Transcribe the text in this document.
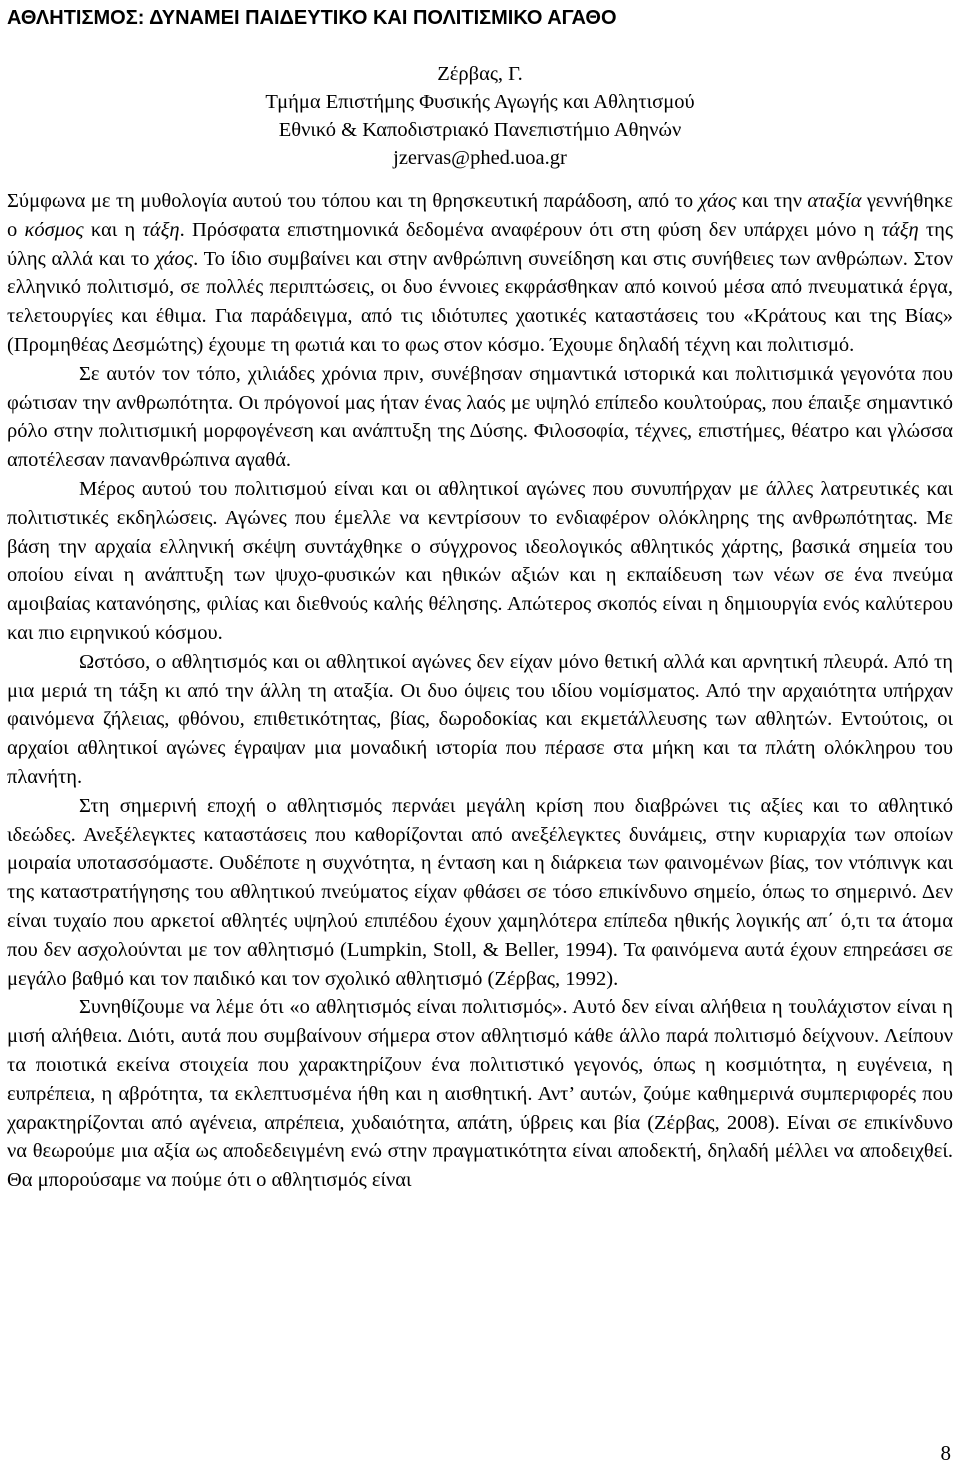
ΑΘΛΗΤΙΣΜΟΣ: ΔΥΝΑΜΕΙ ΠΑΙΔΕΥΤΙΚΟ ΚΑΙ ΠΟΛΙΤΙΣΜΙΚΟ ΑΓΑΘΟ
Ζέρβας, Γ.
Τμήμα Επιστήμης Φυσικής Αγωγής και Αθλητισμού
Εθνικό & Καποδιστριακό Πανεπιστήμιο Αθηνών
jzervas@phed.uoa.gr

Σύμφωνα με τη μυθολογία αυτού του τόπου και τη θρησκευτική παράδοση, από το χάος και την αταξία γεννήθηκε ο κόσμος και η τάξη. Πρόσφατα επιστημονικά δεδομένα αναφέρουν ότι στη φύση δεν υπάρχει μόνο η τάξη της ύλης αλλά και το χάος. Το ίδιο συμβαίνει και στην ανθρώπινη συνείδηση και στις συνήθειες των ανθρώπων. Στον ελληνικό πολιτισμό, σε πολλές περιπτώσεις, οι δυο έννοιες εκφράσθηκαν από κοινού μέσα από πνευματικά έργα, τελετουργίες και έθιμα. Για παράδειγμα, από τις ιδιότυπες χαοτικές καταστάσεις του «Κράτους και της Βίας» (Προμηθέας Δεσμώτης) έχουμε τη φωτιά και το φως στον κόσμο. Έχουμε δηλαδή τέχνη και πολιτισμό.

Σε αυτόν τον τόπο, χιλιάδες χρόνια πριν, συνέβησαν σημαντικά ιστορικά και πολιτισμικά γεγονότα που φώτισαν την ανθρωπότητα. Οι πρόγονοί μας ήταν ένας λαός με υψηλό επίπεδο κουλτούρας, που έπαιξε σημαντικό ρόλο στην πολιτισμική μορφογένεση και ανάπτυξη της Δύσης. Φιλοσοφία, τέχνες, επιστήμες, θέατρο και γλώσσα αποτέλεσαν πανανθρώπινα αγαθά.

Μέρος αυτού του πολιτισμού είναι και οι αθλητικοί αγώνες που συνυπήρχαν με άλλες λατρευτικές και πολιτιστικές εκδηλώσεις. Αγώνες που έμελλε να κεντρίσουν το ενδιαφέρον ολόκληρης της ανθρωπότητας. Με βάση την αρχαία ελληνική σκέψη συντάχθηκε ο σύγχρονος ιδεολογικός αθλητικός χάρτης, βασικά σημεία του οποίου είναι η ανάπτυξη των ψυχο-φυσικών και ηθικών αξιών και η εκπαίδευση των νέων σε ένα πνεύμα αμοιβαίας κατανόησης, φιλίας και διεθνούς καλής θέλησης. Απώτερος σκοπός είναι η δημιουργία ενός καλύτερου και πιο ειρηνικού κόσμου.

Ωστόσο, ο αθλητισμός και οι αθλητικοί αγώνες δεν είχαν μόνο θετική αλλά και αρνητική πλευρά. Από τη μια μεριά τη τάξη κι από την άλλη τη αταξία. Οι δυο όψεις του ιδίου νομίσματος. Από την αρχαιότητα υπήρχαν φαινόμενα ζήλειας, φθόνου, επιθετικότητας, βίας, δωροδοκίας και εκμετάλλευσης των αθλητών. Εντούτοις, οι αρχαίοι αθλητικοί αγώνες έγραψαν μια μοναδική ιστορία που πέρασε στα μήκη και τα πλάτη ολόκληρου του πλανήτη.

Στη σημερινή εποχή ο αθλητισμός περνάει μεγάλη κρίση που διαβρώνει τις αξίες και το αθλητικό ιδεώδες. Ανεξέλεγκτες καταστάσεις που καθορίζονται από ανεξέλεγκτες δυνάμεις, στην κυριαρχία των οποίων μοιραία υποτασσόμαστε. Ουδέποτε η συχνότητα, η ένταση και η διάρκεια των φαινομένων βίας, τον ντόπινγκ και της καταστρατήγησης του αθλητικού πνεύματος είχαν φθάσει σε τόσο επικίνδυνο σημείο, όπως το σημερινό. Δεν είναι τυχαίο που αρκετοί αθλητές υψηλού επιπέδου έχουν χαμηλότερα επίπεδα ηθικής λογικής απ΄ ό,τι τα άτομα που δεν ασχολούνται με τον αθλητισμό (Lumpkin, Stoll, & Beller, 1994). Τα φαινόμενα αυτά έχουν επηρεάσει σε μεγάλο βαθμό και τον παιδικό και τον σχολικό αθλητισμό (Ζέρβας, 1992).

Συνηθίζουμε να λέμε ότι «ο αθλητισμός είναι πολιτισμός». Αυτό δεν είναι αλήθεια η τουλάχιστον είναι η μισή αλήθεια. Διότι, αυτά που συμβαίνουν σήμερα στον αθλητισμό κάθε άλλο παρά πολιτισμό δείχνουν. Λείπουν τα ποιοτικά εκείνα στοιχεία που χαρακτηρίζουν ένα πολιτιστικό γεγονός, όπως η κοσμιότητα, η ευγένεια, η ευπρέπεια, η αβρότητα, τα εκλεπτυσμένα ήθη και η αισθητική. Αντ’ αυτών, ζούμε καθημερινά συμπεριφορές που χαρακτηρίζονται από αγένεια, απρέπεια, χυδαιότητα, απάτη, ύβρεις και βία (Ζέρβας, 2008). Είναι σε επικίνδυνο να θεωρούμε μια αξία ως αποδεδειγμένη ενώ στην πραγματικότητα είναι αποδεκτή, δηλαδή μέλλει να αποδειχθεί. Θα μπορούσαμε να πούμε ότι ο αθλητισμός είναι

8
